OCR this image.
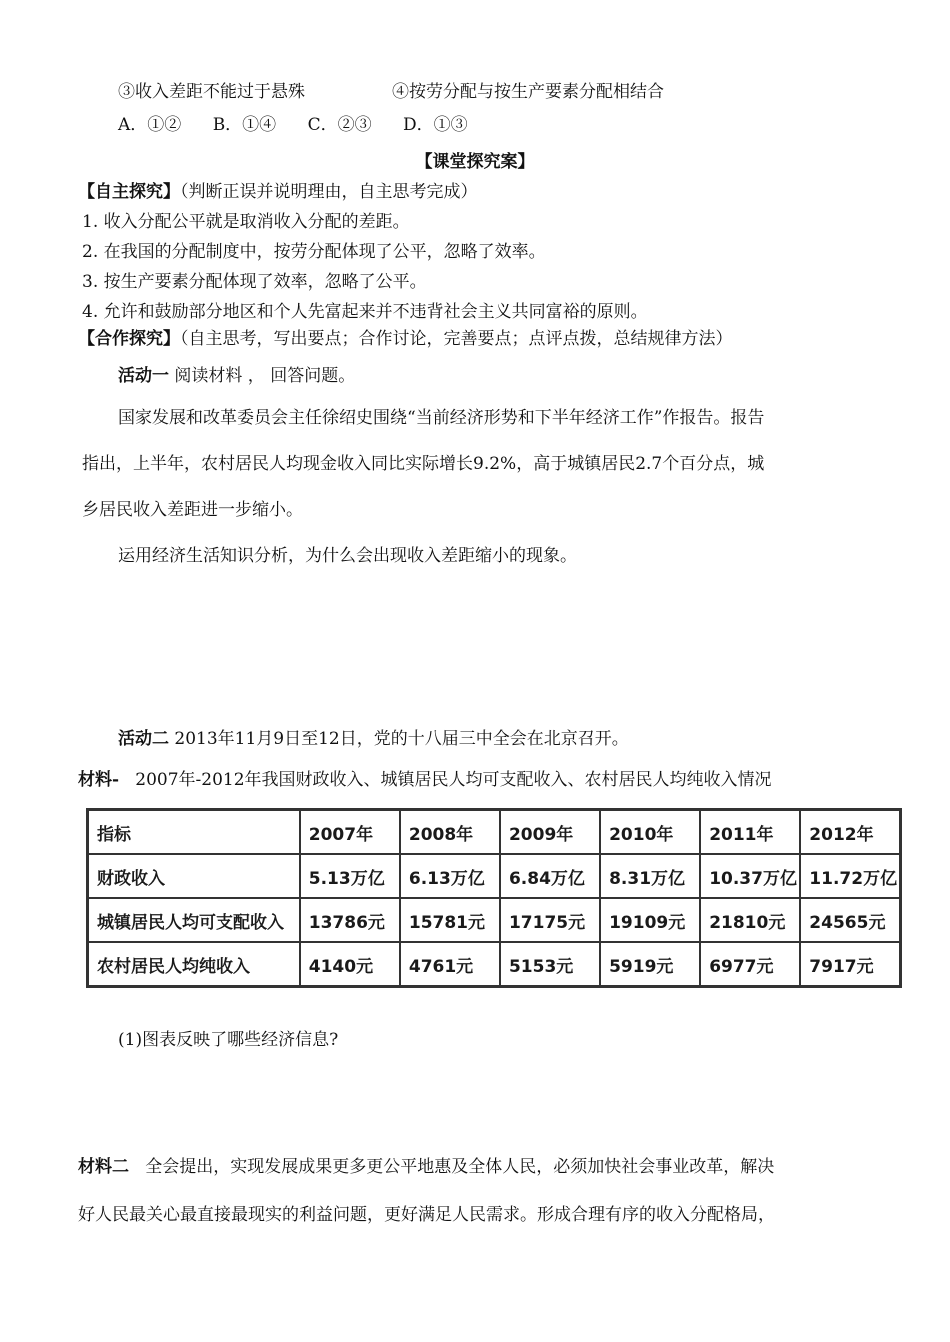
③收入差距不能过于悬殊	④按劳分配与按生产要素分配相结合
A．①② B．①④ C．②③ D．①③
【课堂探究案】
【自主探究】（判断正误并说明理由，自主思考完成）
1. 收入分配公平就是取消收入分配的差距。
2. 在我国的分配制度中，按劳分配体现了公平，忽略了效率。
3. 按生产要素分配体现了效率，忽略了公平。
4. 允许和鼓励部分地区和个人先富起来并不违背社会主义共同富裕的原则。
【合作探究】（自主思考，写出要点；合作讨论，完善要点；点评点拨，总结规律方法）
活动一 阅读材料 ， 回答问题。
国家发展和改革委员会主任徐绍史围绕“当前经济形势和下半年经济工作”作报告。报告
指出，上半年，农村居民人均现金收入同比实际增长9.2%，高于城镇居民2.7个百分点，城
乡居民收入差距进一步缩小。
运用经济生活知识分析，为什么会出现收入差距缩小的现象。
活动二 2013年11月9日至12日，党的十八届三中全会在北京召开。
材料- 2007年-2012年我国财政收入、城镇居民人均可支配收入、农村居民人均纯收入情况
指标	2007年	2008年	2009年	2010年	2011年	2012年
财政收入	5.13万亿	6.13万亿	6.84万亿	8.31万亿	10.37万亿	11.72万亿
城镇居民人均可支配收入	13786元	15781元	17175元	19109元	21810元	24565元
农村居民人均纯收入	4140元	4761元	5153元	5919元	6977元	7917元
(1)图表反映了哪些经济信息?
材料二 全会提出，实现发展成果更多更公平地惠及全体人民，必须加快社会事业改革，解决
好人民最关心最直接最现实的利益问题，更好满足人民需求。形成合理有序的收入分配格局，
